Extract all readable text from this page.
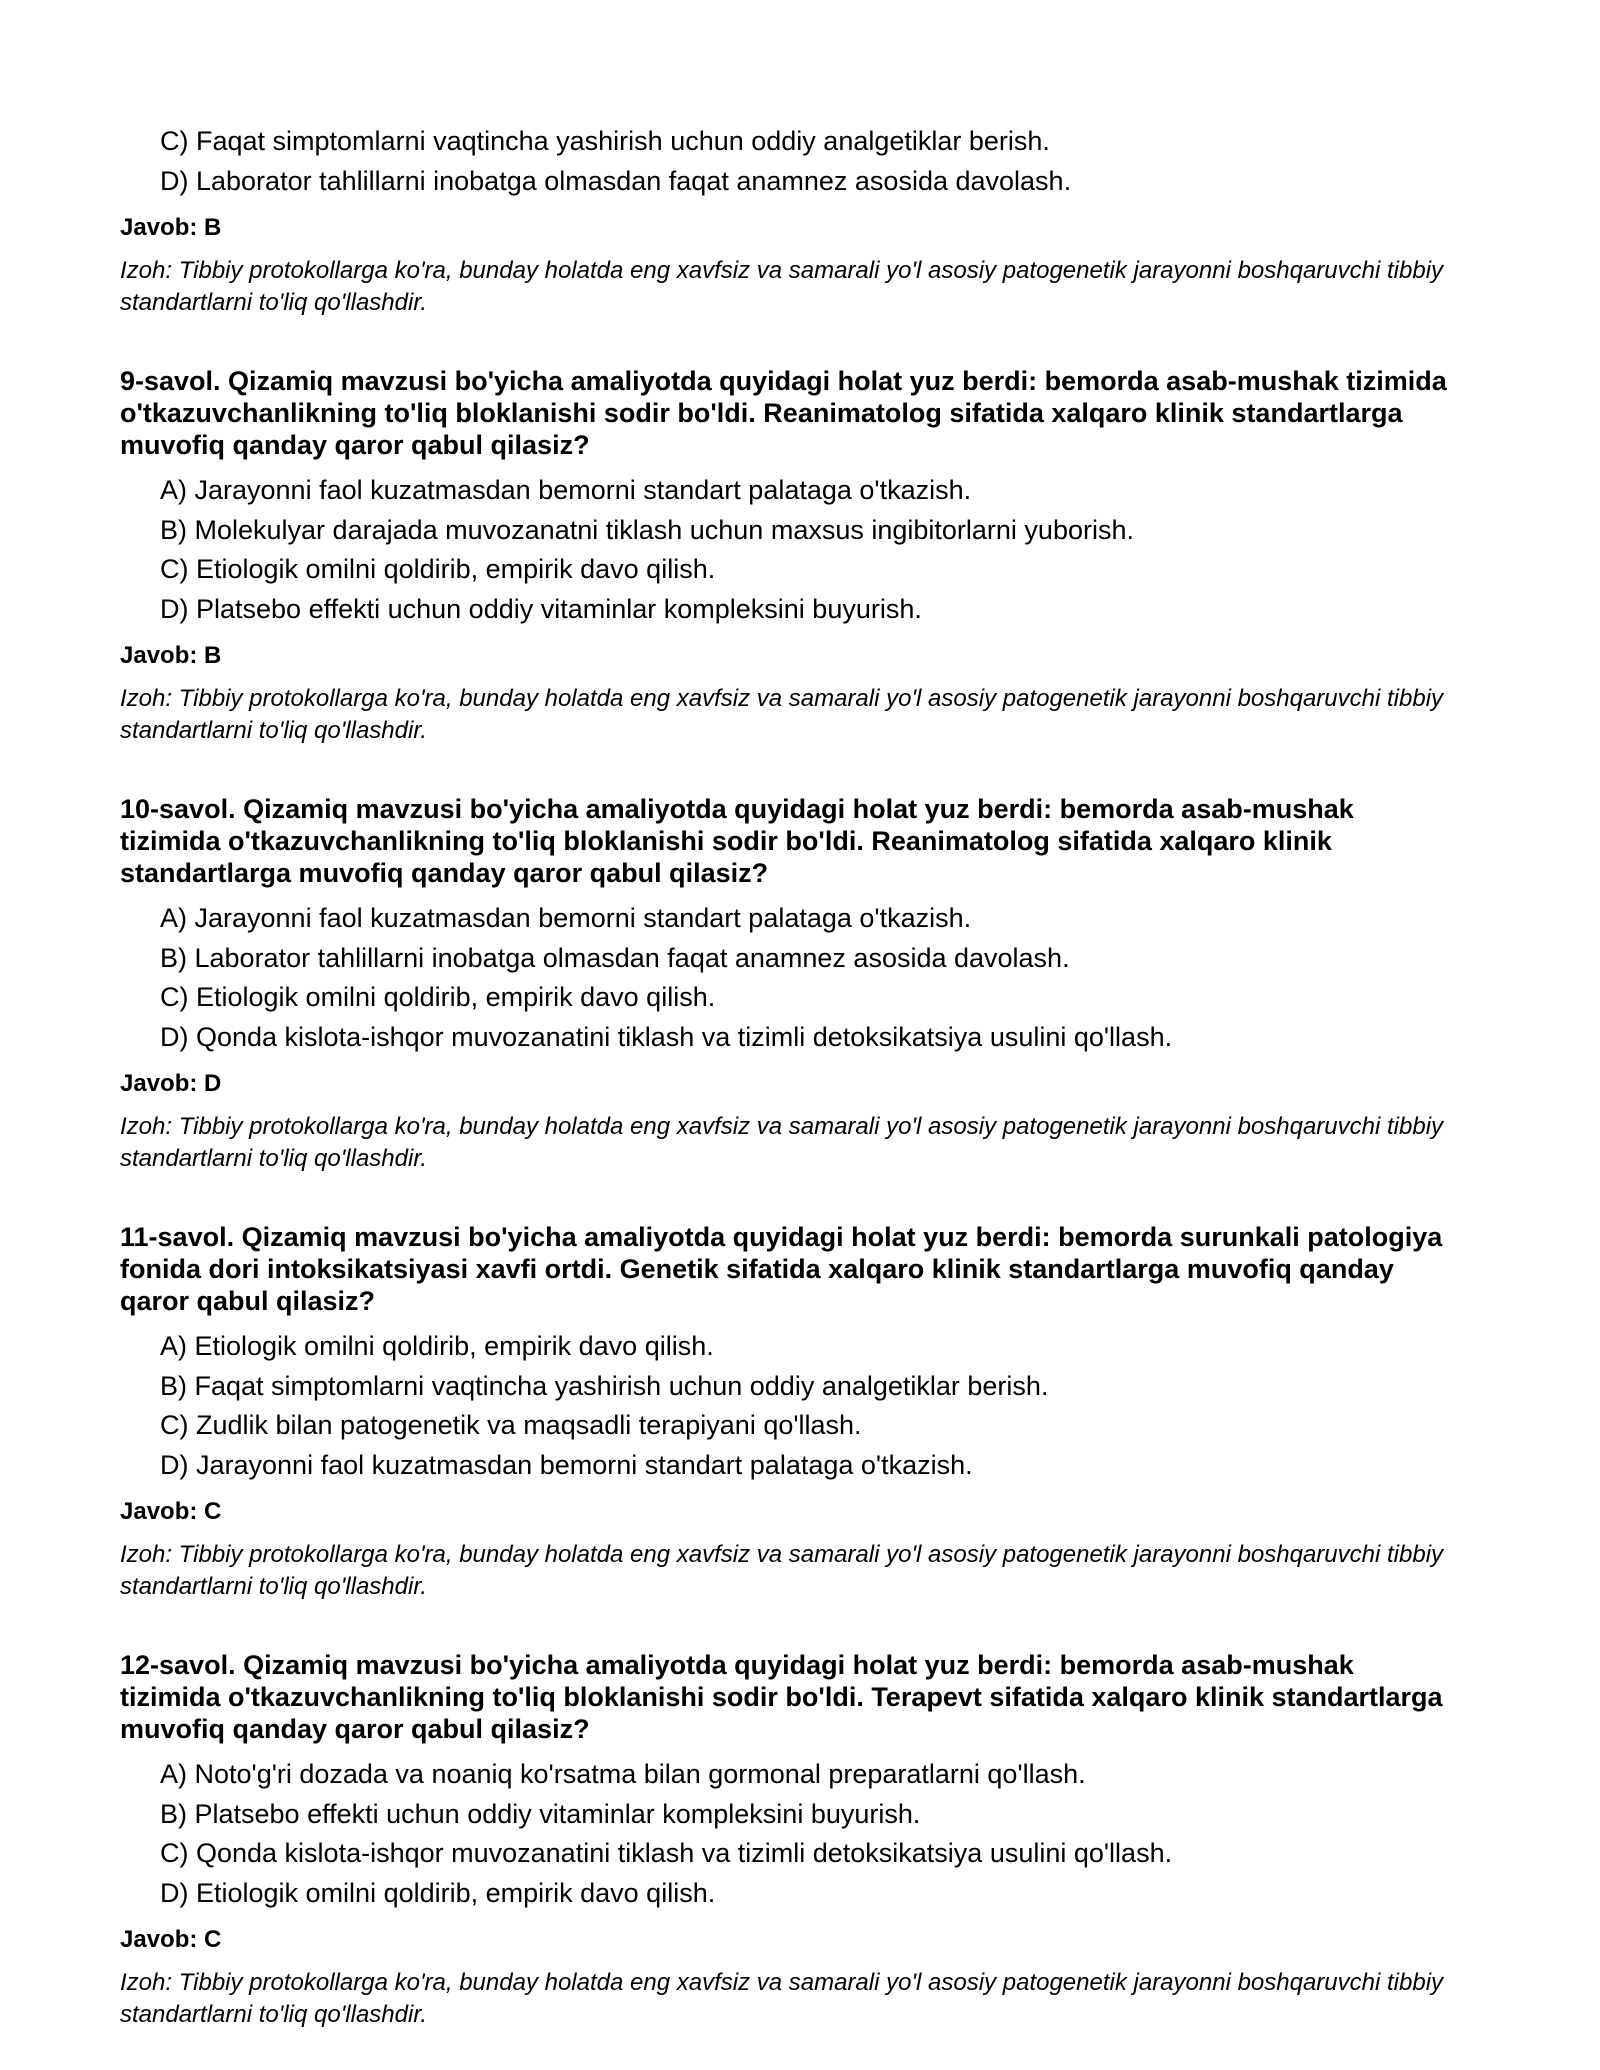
C) Faqat simptomlarni vaqtincha yashirish uchun oddiy analgetiklar berish.

D) Laborator tahlillarni inobatga olmasdan faqat anamnez asosida davolash.

Javob: B

Izoh: Tibbiy protokollarga ko'ra, bunday holatda eng xavfsiz va samarali yo'l asosiy patogenetik jarayonni boshqaruvchi tibbiy standartlarni to'liq qo'llashdir.

9-savol. Qizamiq mavzusi bo'yicha amaliyotda quyidagi holat yuz berdi: bemorda asab-mushak tizimida o'tkazuvchanlikning to'liq bloklanishi sodir bo'ldi. Reanimatolog sifatida xalqaro klinik standartlarga muvofiq qanday qaror qabul qilasiz?

A) Jarayonni faol kuzatmasdan bemorni standart palataga o'tkazish.

B) Molekulyar darajada muvozanatni tiklash uchun maxsus ingibitorlarni yuborish.

C) Etiologik omilni qoldirib, empirik davo qilish.

D) Platsebo effekti uchun oddiy vitaminlar kompleksini buyurish.

Javob: B

Izoh: Tibbiy protokollarga ko'ra, bunday holatda eng xavfsiz va samarali yo'l asosiy patogenetik jarayonni boshqaruvchi tibbiy standartlarni to'liq qo'llashdir.

10-savol. Qizamiq mavzusi bo'yicha amaliyotda quyidagi holat yuz berdi: bemorda asab-mushak tizimida o'tkazuvchanlikning to'liq bloklanishi sodir bo'ldi. Reanimatolog sifatida xalqaro klinik standartlarga muvofiq qanday qaror qabul qilasiz?

A) Jarayonni faol kuzatmasdan bemorni standart palataga o'tkazish.

B) Laborator tahlillarni inobatga olmasdan faqat anamnez asosida davolash.

C) Etiologik omilni qoldirib, empirik davo qilish.

D) Qonda kislota-ishqor muvozanatini tiklash va tizimli detoksikatsiya usulini qo'llash.

Javob: D

Izoh: Tibbiy protokollarga ko'ra, bunday holatda eng xavfsiz va samarali yo'l asosiy patogenetik jarayonni boshqaruvchi tibbiy standartlarni to'liq qo'llashdir.

11-savol. Qizamiq mavzusi bo'yicha amaliyotda quyidagi holat yuz berdi: bemorda surunkali patologiya fonida dori intoksikatsiyasi xavfi ortdi. Genetik sifatida xalqaro klinik standartlarga muvofiq qanday qaror qabul qilasiz?

A) Etiologik omilni qoldirib, empirik davo qilish.

B) Faqat simptomlarni vaqtincha yashirish uchun oddiy analgetiklar berish.

C) Zudlik bilan patogenetik va maqsadli terapiyani qo'llash.

D) Jarayonni faol kuzatmasdan bemorni standart palataga o'tkazish.

Javob: C

Izoh: Tibbiy protokollarga ko'ra, bunday holatda eng xavfsiz va samarali yo'l asosiy patogenetik jarayonni boshqaruvchi tibbiy standartlarni to'liq qo'llashdir.

12-savol. Qizamiq mavzusi bo'yicha amaliyotda quyidagi holat yuz berdi: bemorda asab-mushak tizimida o'tkazuvchanlikning to'liq bloklanishi sodir bo'ldi. Terapevt sifatida xalqaro klinik standartlarga muvofiq qanday qaror qabul qilasiz?

A) Noto'g'ri dozada va noaniq ko'rsatma bilan gormonal preparatlarni qo'llash.

B) Platsebo effekti uchun oddiy vitaminlar kompleksini buyurish.

C) Qonda kislota-ishqor muvozanatini tiklash va tizimli detoksikatsiya usulini qo'llash.

D) Etiologik omilni qoldirib, empirik davo qilish.

Javob: C

Izoh: Tibbiy protokollarga ko'ra, bunday holatda eng xavfsiz va samarali yo'l asosiy patogenetik jarayonni boshqaruvchi tibbiy standartlarni to'liq qo'llashdir.
